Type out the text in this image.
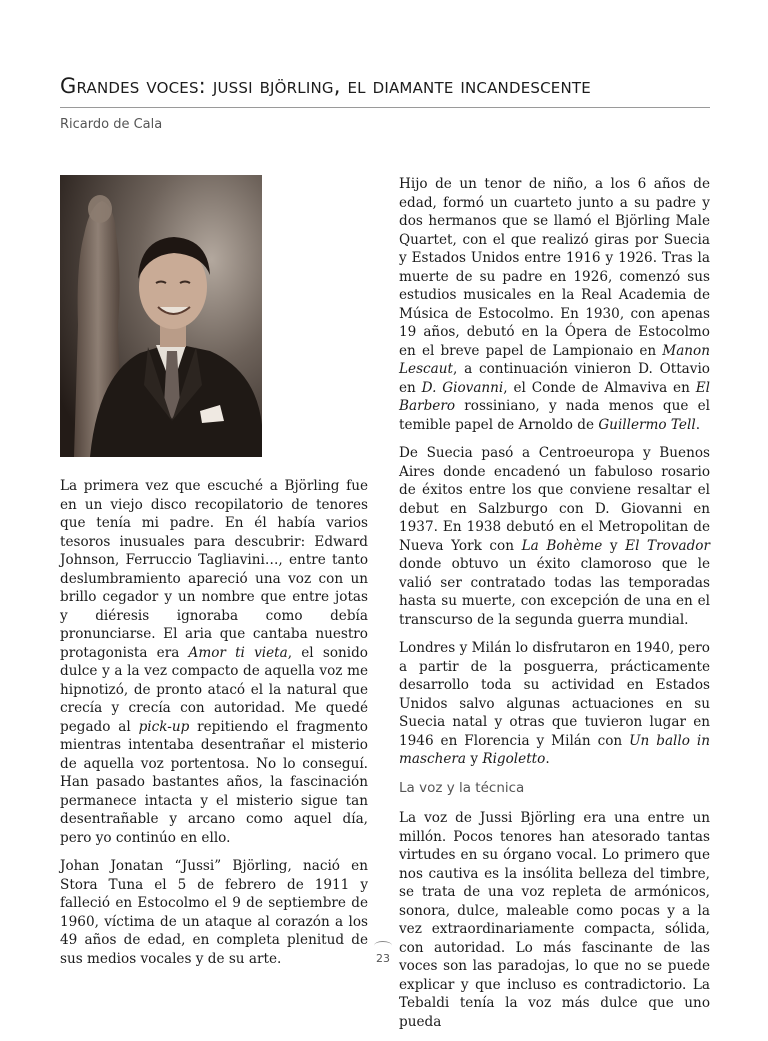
Grandes voces: jussi björling, el diamante incandescente
Ricardo de Cala

La primera vez que escuché a Björling fue en un viejo disco recopilatorio de tenores que tenía mi padre. En él había varios tesoros inusuales para descubrir: Edward Johnson, Ferruccio Tagliavini…, entre tanto deslumbramiento apareció una voz con un brillo cegador y un nombre que entre jotas y diéresis ignoraba como debía pronunciarse. El aria que cantaba nuestro protagonista era Amor ti vieta, el sonido dulce y a la vez compacto de aquella voz me hipnotizó, de pronto atacó el la natural que crecía y crecía con autoridad. Me quedé pegado al pick-up repitiendo el fragmento mientras intentaba desentrañar el misterio de aquella voz portentosa. No lo conseguí. Han pasado bastantes años, la fascinación permanece intacta y el misterio sigue tan desentrañable y arcano como aquel día, pero yo continúo en ello.

Johan Jonatan “Jussi” Björling, nació en Stora Tuna el 5 de febrero de 1911 y falleció en Estocolmo el 9 de septiembre de 1960, víctima de un ataque al corazón a los 49 años de edad, en completa plenitud de sus medios vocales y de su arte.

Hijo de un tenor de niño, a los 6 años de edad, formó un cuarteto junto a su padre y dos hermanos que se llamó el Björling Male Quartet, con el que realizó giras por Suecia y Estados Unidos entre 1916 y 1926. Tras la muerte de su padre en 1926, comenzó sus estudios musicales en la Real Academia de Música de Estocolmo. En 1930, con apenas 19 años, debutó en la Ópera de Estocolmo en el breve papel de Lampionaio en Manon Lescaut, a continuación vinieron D. Ottavio en D. Giovanni, el Conde de Almaviva en El Barbero rossiniano, y nada menos que el temible papel de Arnoldo de Guillermo Tell.

De Suecia pasó a Centroeuropa y Buenos Aires donde encadenó un fabuloso rosario de éxitos entre los que conviene resaltar el debut en Salzburgo con D. Giovanni en 1937. En 1938 debutó en el Metropolitan de Nueva York con La Bohème y El Trovador donde obtuvo un éxito clamoroso que le valió ser contratado todas las temporadas hasta su muerte, con excepción de una en el transcurso de la segunda guerra mundial.

Londres y Milán lo disfrutaron en 1940, pero a partir de la posguerra, prácticamente desarrollo toda su actividad en Estados Unidos salvo algunas actuaciones en su Suecia natal y otras que tuvieron lugar en 1946 en Florencia y Milán con Un ballo in maschera y Rigoletto.

La voz y la técnica

La voz de Jussi Björling era una entre un millón. Pocos tenores han atesorado tantas virtudes en su órgano vocal. Lo primero que nos cautiva es la insólita belleza del timbre, se trata de una voz repleta de armónicos, sonora, dulce, maleable como pocas y a la vez extraordinariamente compacta, sólida, con autoridad. Lo más fascinante de las voces son las paradojas, lo que no se puede explicar y que incluso es contradictorio. La Tebaldi tenía la voz más dulce que uno pueda

23
